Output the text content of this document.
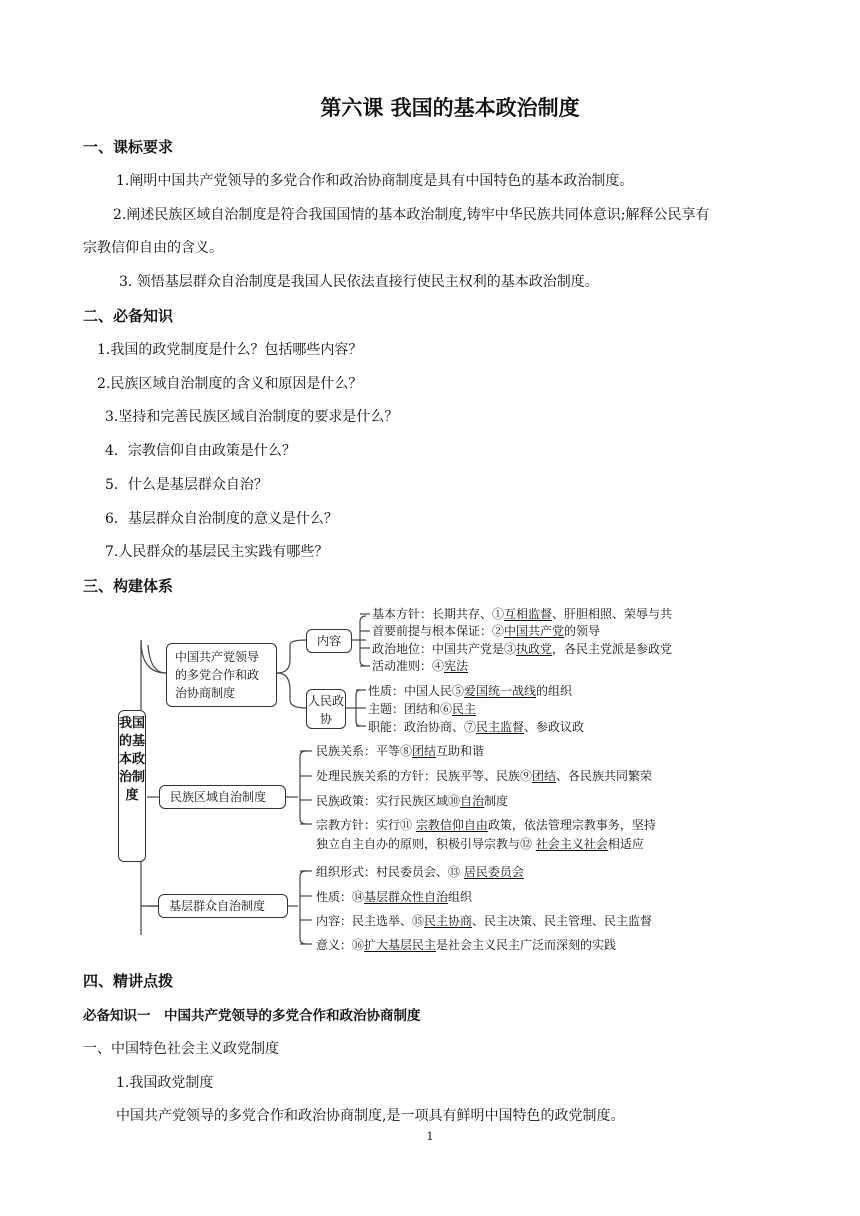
第六课 我国的基本政治制度
一、课标要求
1.阐明中国共产党领导的多党合作和政治协商制度是具有中国特色的基本政治制度。
2.阐述民族区域自治制度是符合我国国情的基本政治制度,铸牢中华民族共同体意识;解释公民享有
宗教信仰自由的含义。
3. 领悟基层群众自治制度是我国人民依法直接行使民主权利的基本政治制度。
二、必备知识
1.我国的政党制度是什么？包括哪些内容？
2.民族区域自治制度的含义和原因是什么？
3.坚持和完善民族区域自治制度的要求是什么？
4．宗教信仰自由政策是什么？
5．什么是基层群众自治？
6．基层群众自治制度的意义是什么？
7.人民群众的基层民主实践有哪些？
三、构建体系
我国的基本政治制度
中国共产党领导的多党合作和政治协商制度
内容
人民政协
基本方针：长期共存、①互相监督、肝胆相照、荣辱与共
首要前提与根本保证：②中国共产党的领导
政治地位：中国共产党是③执政党，各民主党派是参政党
活动准则：④宪法
性质：中国人民⑤爱国统一战线的组织
主题：团结和⑥民主
职能：政治协商、⑦民主监督、参政议政
民族区域自治制度
民族关系：平等⑧团结互助和谐
处理民族关系的方针：民族平等、民族⑨团结、各民族共同繁荣
民族政策：实行民族区域⑩自治制度
宗教方针：实行⑪ 宗教信仰自由政策，依法管理宗教事务，坚持
独立自主自办的原则，积极引导宗教与⑫ 社会主义社会相适应
基层群众自治制度
组织形式：村民委员会、⑬ 居民委员会
性质：⑭基层群众性自治组织
内容：民主选举、⑮民主协商、民主决策、民主管理、民主监督
意义：⑯扩大基层民主是社会主义民主广泛而深刻的实践
四、精讲点拨
必备知识一　中国共产党领导的多党合作和政治协商制度
一、中国特色社会主义政党制度
1.我国政党制度
中国共产党领导的多党合作和政治协商制度,是一项具有鲜明中国特色的政党制度。
1
